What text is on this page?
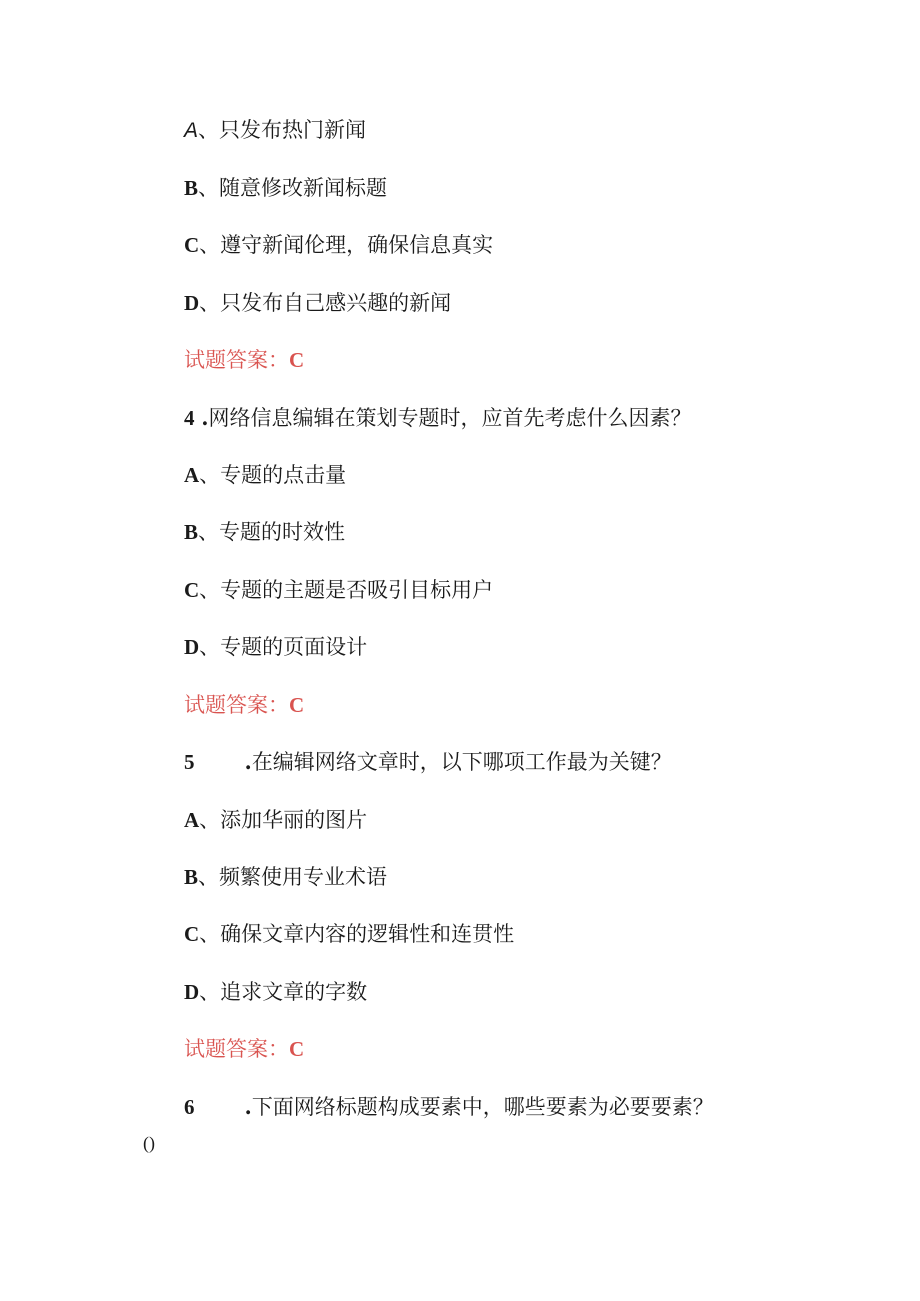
A、只发布热门新闻
B、随意修改新闻标题
C、遵守新闻伦理，确保信息真实
D、只发布自己感兴趣的新闻
试题答案：C
4 .网络信息编辑在策划专题时，应首先考虑什么因素？
A、专题的点击量
B、专题的时效性
C、专题的主题是否吸引目标用户
D、专题的页面设计
试题答案：C
5 .在编辑网络文章时，以下哪项工作最为关键？
A、添加华丽的图片
B、频繁使用专业术语
C、确保文章内容的逻辑性和连贯性
D、追求文章的字数
试题答案：C
6 .下面网络标题构成要素中，哪些要素为必要要素？
()
